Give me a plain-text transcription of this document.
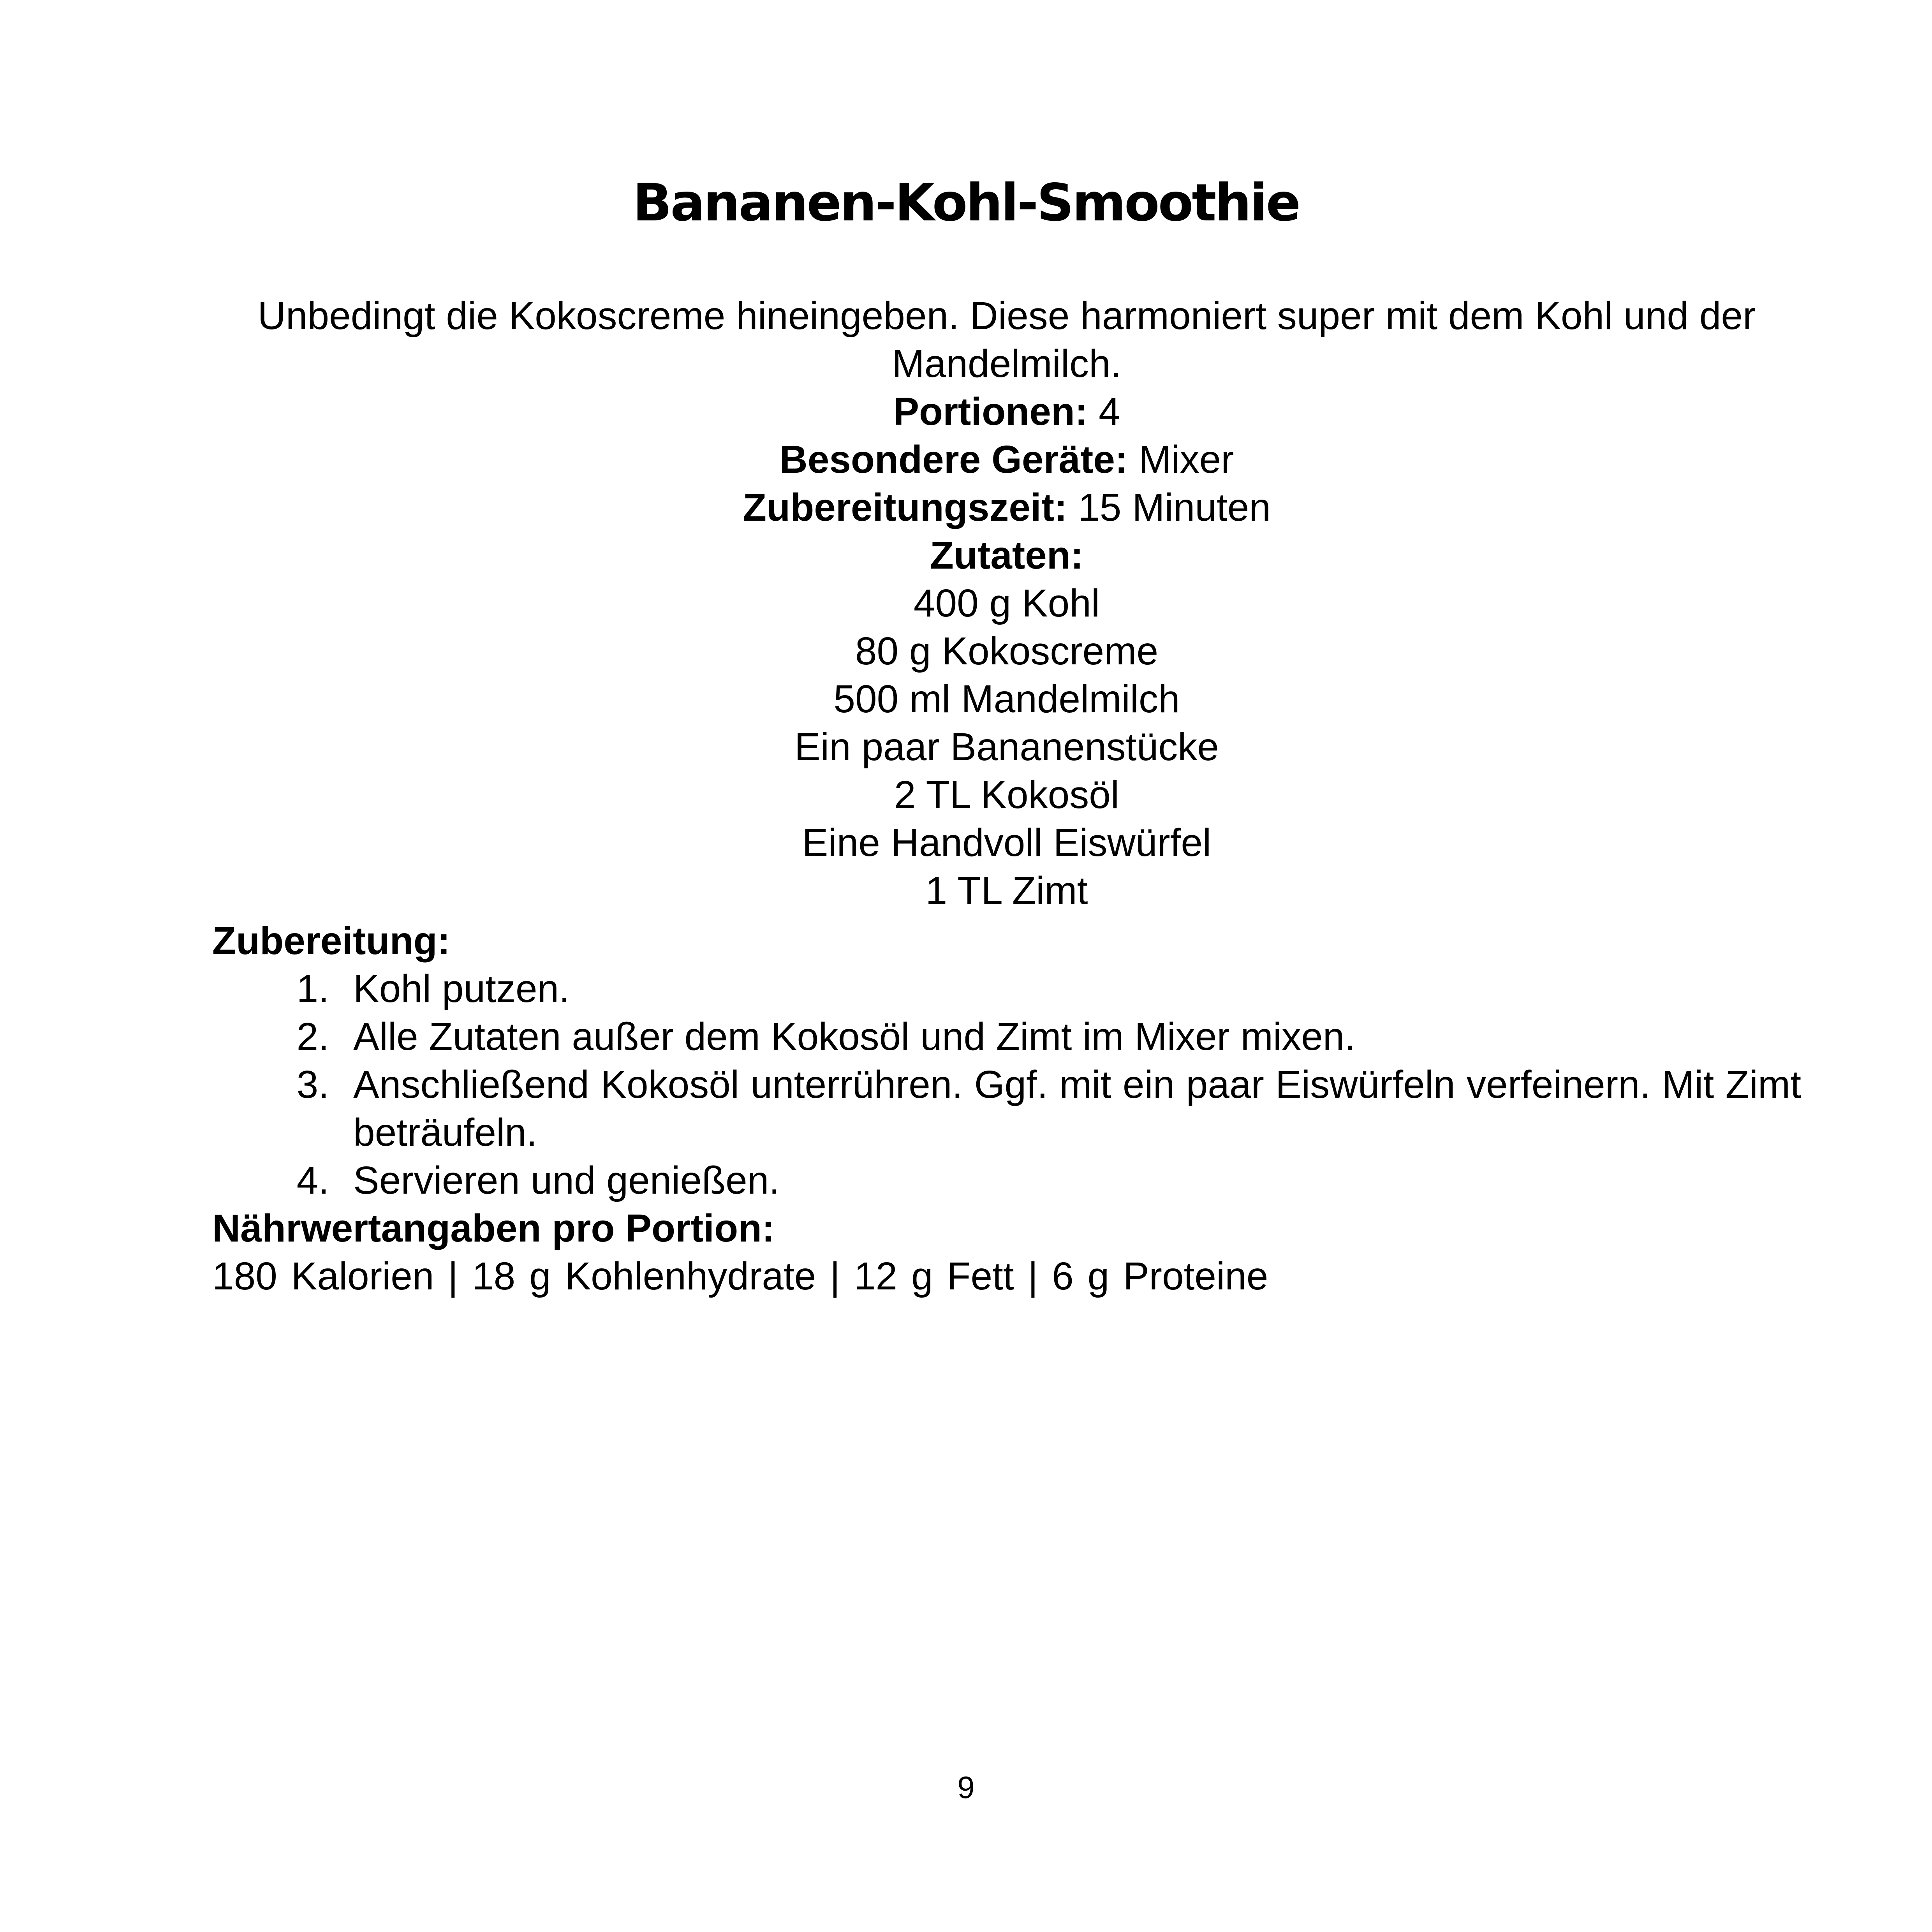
Bananen-Kohl-Smoothie

Unbedingt die Kokoscreme hineingeben. Diese harmoniert super mit dem Kohl und der Mandelmilch.

Portionen: 4

Besondere Geräte: Mixer

Zubereitungszeit: 15 Minuten

Zutaten:

400 g Kohl
80 g Kokoscreme
500 ml Mandelmilch
Ein paar Bananenstücke
2 TL Kokosöl
Eine Handvoll Eiswürfel
1 TL Zimt

Zubereitung:

1. Kohl putzen.
2. Alle Zutaten außer dem Kokosöl und Zimt im Mixer mixen.
3. Anschließend Kokosöl unterrühren. Ggf. mit ein paar Eiswürfeln verfeinern. Mit Zimt beträufeln.
4. Servieren und genießen.

Nährwertangaben pro Portion:

180 Kalorien | 18 g Kohlenhydrate | 12 g Fett | 6 g Proteine

9
